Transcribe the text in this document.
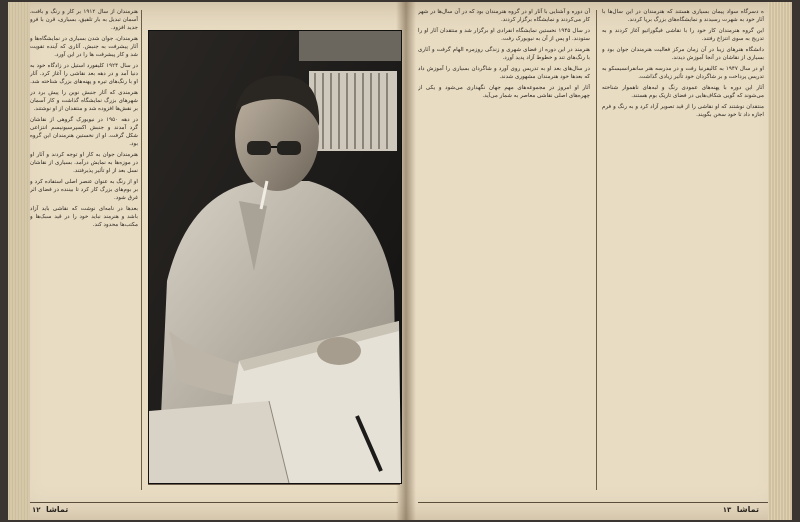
هنرمندان از سال ۱۹۱۲ بر کار و رنگ و بافت، آسمان تبدیل به بار تلفیق، بسیاری، قرن با فرو جدید افزود.

هنرمندان، جوان شدن بسیاری در نمایشگاه‌ها و آثار پیشرفت به جنبش. آثاری که آینده تقویت شد و کار پیشرفت ها را در این آورد.

در سال ۱۹۲۴ کلیفورد استیل در زادگاه خود به دنیا آمد و در دهه بعد نقاشی را آغاز کرد. آثار او با رنگ‌های تیره و پهنه‌های بزرگ شناخته شد.

هنرمندی که آثار جنبش نوین را پیش برد در شهرهای بزرگ نمایشگاه گذاشت و کار آسمان بر نقش‌ها افزوده شد و منتقدان از او نوشتند.

در دهه ۱۹۵۰ در نیویورک گروهی از نقاشان گرد آمدند و جنبش اکسپرسیونیسم انتزاعی شکل گرفت. او از نخستین هنرمندان این گروه بود.

هنرمندان جوان به کار او توجه کردند و آثار او در موزه‌ها به نمایش درآمد. بسیاری از نقاشان نسل بعد از او تأثیر پذیرفتند.

او از رنگ به عنوان عنصر اصلی استفاده کرد و بر بوم‌های بزرگ کار کرد تا بیننده در فضای اثر غرق شود.

بعدها در نامه‌ای نوشت که نقاشی باید آزاد باشد و هنرمند نباید خود را در قید سبک‌ها و مکتب‌ها محدود کند.

۱۲ تماشا

آن دوره و آشنایی با آثار او در گروه هنرمندان بود که در آن سال‌ها در شهر کار می‌کردند و نمایشگاه برگزار کردند.

در سال ۱۹۴۵ نخستین نمایشگاه انفرادی او برگزار شد و منتقدان آثار او را ستودند. او پس از آن به نیویورک رفت.

هنرمند در این دوره از فضای شهری و زندگی روزمره الهام گرفت و آثاری با رنگ‌های تند و خطوط آزاد پدید آورد.

در سال‌های بعد او به تدریس روی آورد و شاگردان بسیاری را آموزش داد که بعدها خود هنرمندان مشهوری شدند.

آثار او امروز در مجموعه‌های مهم جهان نگهداری می‌شود و یکی از چهره‌های اصلی نقاشی معاصر به شمار می‌آید.

ه دسرگاه سواد پیمان بسیاری هستند که هنرمندان در این سال‌ها با آثار خود به شهرت رسیدند و نمایشگاه‌های بزرگ برپا کردند.

این گروه هنرمندان کار خود را با نقاشی فیگوراتیو آغاز کردند و به تدریج به سوی انتزاع رفتند.

دانشگاه هنرهای زیبا در آن زمان مرکز فعالیت هنرمندان جوان بود و بسیاری از نقاشان در آنجا آموزش دیدند.

او در سال ۱۹۴۷ به کالیفرنیا رفت و در مدرسه هنر سانفرانسیسکو به تدریس پرداخت و بر شاگردان خود تأثیر زیادی گذاشت.

آثار این دوره با پهنه‌های عمودی رنگ و لبه‌های ناهموار شناخته می‌شوند که گویی شکاف‌هایی در فضای تاریک بوم هستند.

منتقدان نوشتند که او نقاشی را از قید تصویر آزاد کرد و به رنگ و فرم اجازه داد تا خود سخن بگویند.

تماشا ۱۳
